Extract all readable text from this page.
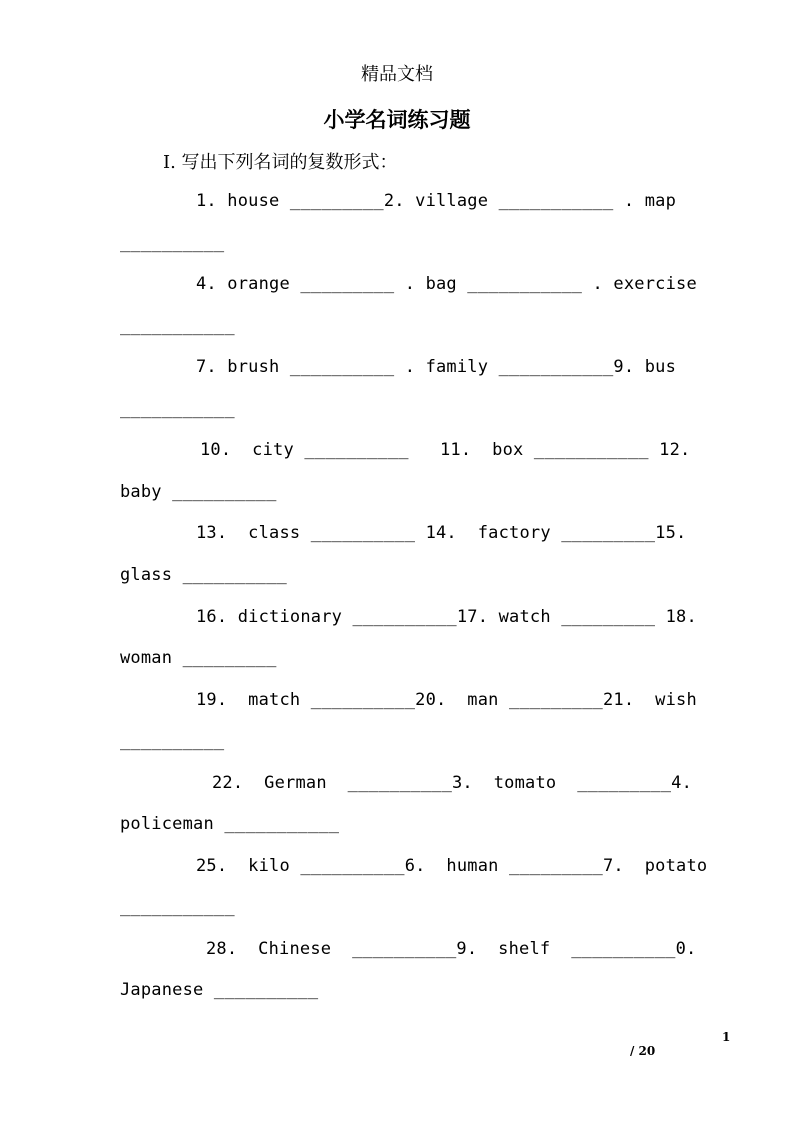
精品文档
小学名词练习题
I. 写出下列名词的复数形式：
1. house _________2. village ___________ . map
__________
4. orange _________ . bag ___________ . exercise
___________
7. brush __________ . family ___________9. bus
___________
10.  city __________   11.  box ___________ 12.
baby __________
13.  class __________ 14.  factory _________15.
glass __________
16. dictionary __________17. watch _________ 18.
woman _________
19.  match __________20.  man _________21.  wish
__________
22.  German  __________3.  tomato  _________4.
policeman ___________
25.  kilo __________6.  human _________7.  potato
___________
28.  Chinese  __________9.  shelf  __________0.
Japanese __________
1
/ 20
